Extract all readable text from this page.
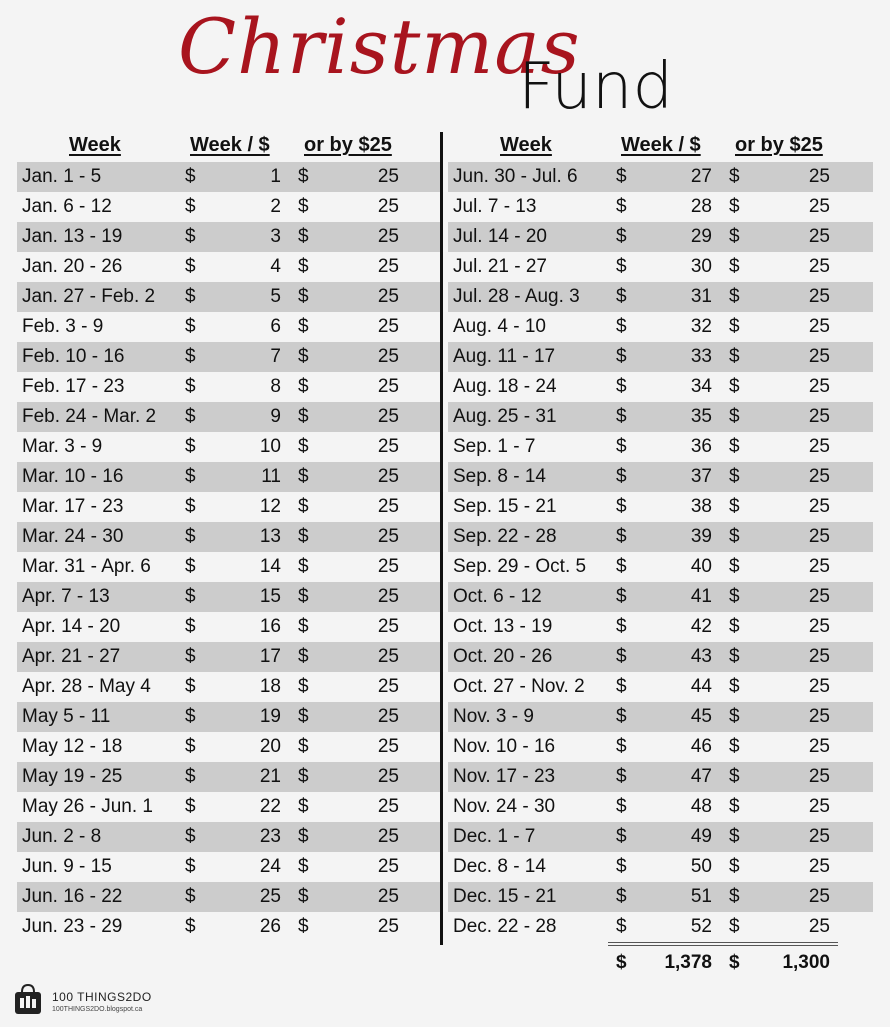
Christmas
Fund
Week	Week / $ or by $25
Jan. 1 - 5	$	1 $	25
Jan. 6 - 12	$	2 $	25
Jan. 13 - 19	$	3 $	25
Jan. 20 - 26	$	4 $	25
Jan. 27 - Feb. 2 $	5 $	25
Feb. 3 - 9	$	6 $	25
Feb. 10 - 16	$	7 $	25
Feb. 17 - 23	$	8 $	25
Feb. 24 - Mar. 2 $	9 $	25
Mar. 3 - 9	$	10 $	25
Mar. 10 - 16	$	11 $	25
Mar. 17 - 23	$	12 $	25
Mar. 24 - 30	$	13 $	25
Mar. 31 - Apr. 6 $	14 $	25
Apr. 7 - 13	$	15 $	25
Apr. 14 - 20	$	16 $	25
Apr. 21 - 27	$	17 $	25
Apr. 28 - May 4 $	18 $	25
May 5 - 11	$	19 $	25
May 12 - 18	$	20 $	25
May 19 - 25	$	21 $	25
May 26 - Jun. 1 $	22 $	25
Jun. 2 - 8	$	23 $	25
Jun. 9 - 15	$	24 $	25
Jun. 16 - 22	$	25 $	25
Jun. 23 - 29	$	26 $	25
Week	Week / $ or by $25
Jun. 30 - Jul. 6 $	27 $	25
Jul. 7 - 13	$	28 $	25
Jul. 14 - 20	$	29 $	25
Jul. 21 - 27	$	30 $	25
Jul. 28 - Aug. 3 $	31 $	25
Aug. 4 - 10	$	32 $	25
Aug. 11 - 17	$	33 $	25
Aug. 18 - 24	$	34 $	25
Aug. 25 - 31	$	35 $	25
Sep. 1 - 7	$	36 $	25
Sep. 8 - 14	$	37 $	25
Sep. 15 - 21	$	38 $	25
Sep. 22 - 28	$	39 $	25
Sep. 29 - Oct. 5 $	40 $	25
Oct. 6 - 12	$	41 $	25
Oct. 13 - 19	$	42 $	25
Oct. 20 - 26	$	43 $	25
Oct. 27 - Nov. 2 $	44 $	25
Nov. 3 - 9	$	45 $	25
Nov. 10 - 16	$	46 $	25
Nov. 17 - 23	$	47 $	25
Nov. 24 - 30	$	48 $	25
Dec. 1 - 7	$	49 $	25
Dec. 8 - 14	$	50 $	25
Dec. 15 - 21	$	51 $	25
Dec. 22 - 28	$	52 $	25
$ 1,378 $ 1,300
100 THINGS2DO
100THINGS2DO.blogspot.ca
